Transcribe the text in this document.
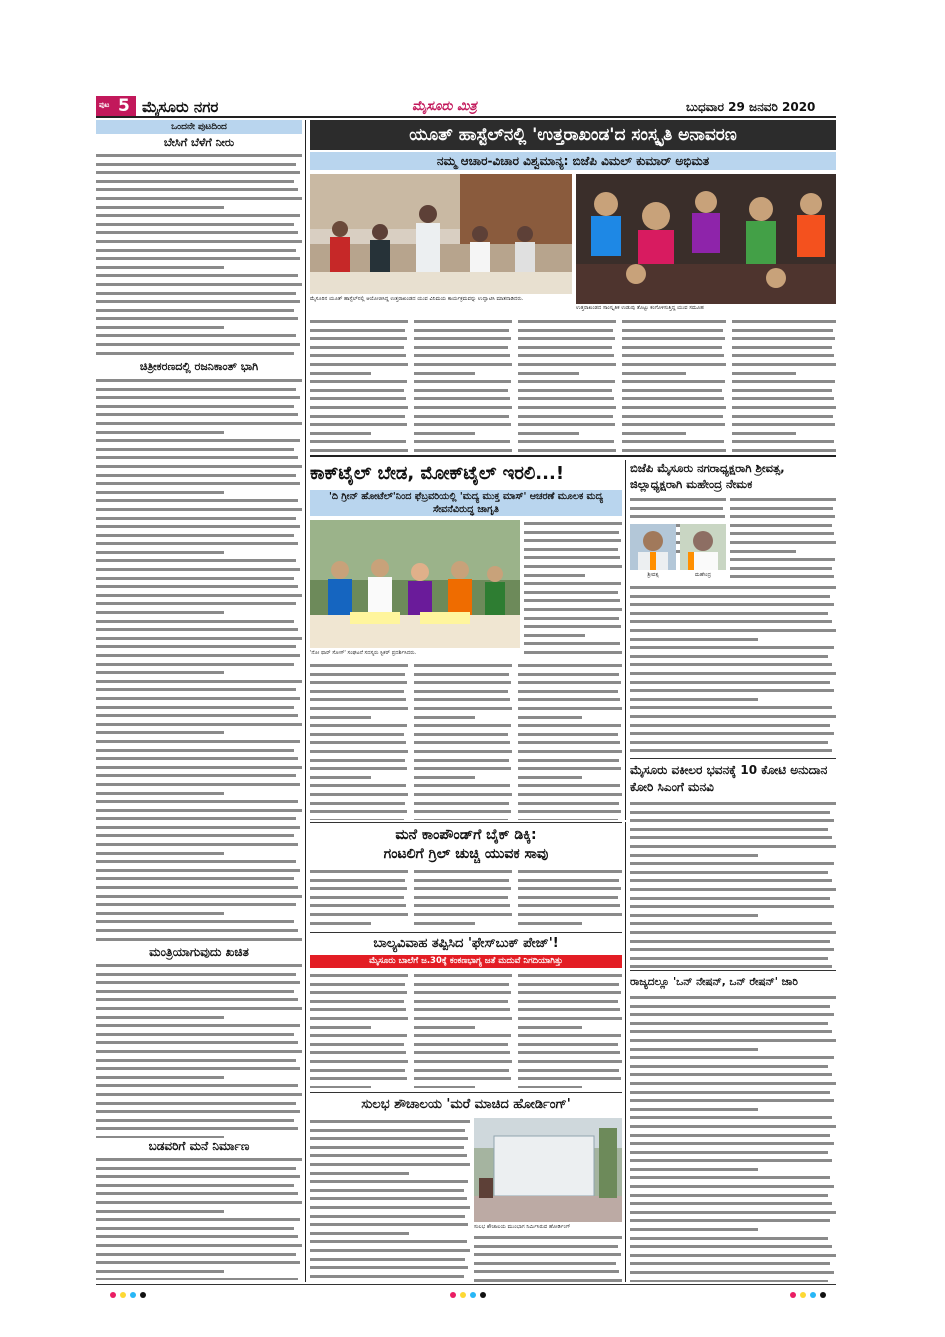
ಪುಟ 5 ಮೈಸೂರು ನಗರ	ಮೈಸೂರು ಮಿತ್ರ	ಬುಧವಾರ 29 ಜನವರಿ 2020
ಒಂದನೇ ಪುಟದಿಂದ
ಬೇಸಿಗೆ ಬೆಳೆಗೆ ನೀರು
ಚಿತ್ರೀಕರಣದಲ್ಲಿ ರಜನಿಕಾಂತ್ ಭಾಗಿ
ಮಂತ್ರಿಯಾಗುವುದು ಖಚಿತ
ಬಡವರಿಗೆ ಮನೆ ನಿರ್ಮಾಣ
ಯೂತ್ ಹಾಸ್ಟೆಲ್‌ನಲ್ಲಿ 'ಉತ್ತರಾಖಂಡ'ದ ಸಂಸ್ಕೃತಿ ಅನಾವರಣ
ನಮ್ಮ ಆಚಾರ-ವಿಚಾರ ವಿಶ್ವಮಾನ್ಯ: ಬಿಜೆಪಿ ವಿಮಲ್ ಕುಮಾರ್ ಅಭಿಮತ
ಮೈಸೂರಿನ ಯೂತ್ ಹಾಸ್ಟೆಲ್‌ನಲ್ಲಿ ಆಯೋಜಿಸಿದ್ದ ಉತ್ತರಾಖಂಡದ ಯುವ ವಿನಿಮಯ ಕಾರ್ಯಕ್ರಮವನ್ನು ಉದ್ಘಾಟಿಸಿ ಮಾತನಾಡಿದರು.
ಉತ್ತರಾಖಂಡದ ಸಾಂಸ್ಕೃತಿಕ ಉಡುಪು ತೊಟ್ಟು ಕಂಗೊಳಿಸುತ್ತಿದ್ದ ಯುವ ಸಮೂಹ
ಕಾಕ್‌ಟೈಲ್ ಬೇಡ, ಮೋಕ್‌ಟೈಲ್ ಇರಲಿ...!
'ದಿ ಗ್ರೀನ್ ಹೋಟೆಲ್'ನಿಂದ ಫೆಬ್ರವರಿಯಲ್ಲಿ 'ಮದ್ಯ ಮುಕ್ತ ಮಾಸ್' ಆಚರಣೆ ಮೂಲಕ ಮದ್ಯ ಸೇವನೆವಿರುದ್ಧ ಜಾಗೃತಿ
'ನೋ ಫಾರ್ ಸೋಸ್' ಸಂಘಟನೆ ಸದಸ್ಯರು ಸ್ಟಿಕರ್ ಪ್ರದರ್ಶಿಸಿದರು.
ಬಿಜೆಪಿ ಮೈಸೂರು ನಗರಾಧ್ಯಕ್ಷರಾಗಿ ಶ್ರೀವತ್ಸ, ಜಿಲ್ಲಾಧ್ಯಕ್ಷರಾಗಿ ಮಹೇಂದ್ರ ನೇಮಕ
ಶ್ರೀವತ್ಸ	ಮಹೇಂದ್ರ
ಮೈಸೂರು ವಕೀಲರ ಭವನಕ್ಕೆ 10 ಕೋಟಿ ಅನುದಾನ ಕೋರಿ ಸಿಎಂಗೆ ಮನವಿ
ಮನೆ ಕಾಂಪೌಂಡ್‌ಗೆ ಬೈಕ್ ಡಿಕ್ಕಿ:
ಗಂಟಲಿಗೆ ಗ್ರಿಲ್ ಚುಚ್ಚಿ ಯುವಕ ಸಾವು
ಬಾಲ್ಯವಿವಾಹ ತಪ್ಪಿಸಿದ 'ಫೇಸ್‌ಬುಕ್ ಪೇಜ್'!
ಮೈಸೂರು ಬಾಲೆಗೆ ಜ.30ಕ್ಕೆ ಕಂಕಣಭಾಗ್ಯ ಜತೆ ಮದುವೆ ನಿಗದಿಯಾಗಿತ್ತು
ರಾಜ್ಯದಲ್ಲೂ 'ಒನ್ ನೇಷನ್, ಒನ್ ರೇಷನ್' ಜಾರಿ
ಸುಲಭ ಶೌಚಾಲಯ 'ಮರೆ ಮಾಚಿದ ಹೋರ್ಡಿಂಗ್'
ಸುಲಭ ಶೌಚಾಲಯ ಮುಂಭಾಗ ನಿರ್ಮಿಸಿರುವ ಹೋರ್ಡಿಂಗ್
